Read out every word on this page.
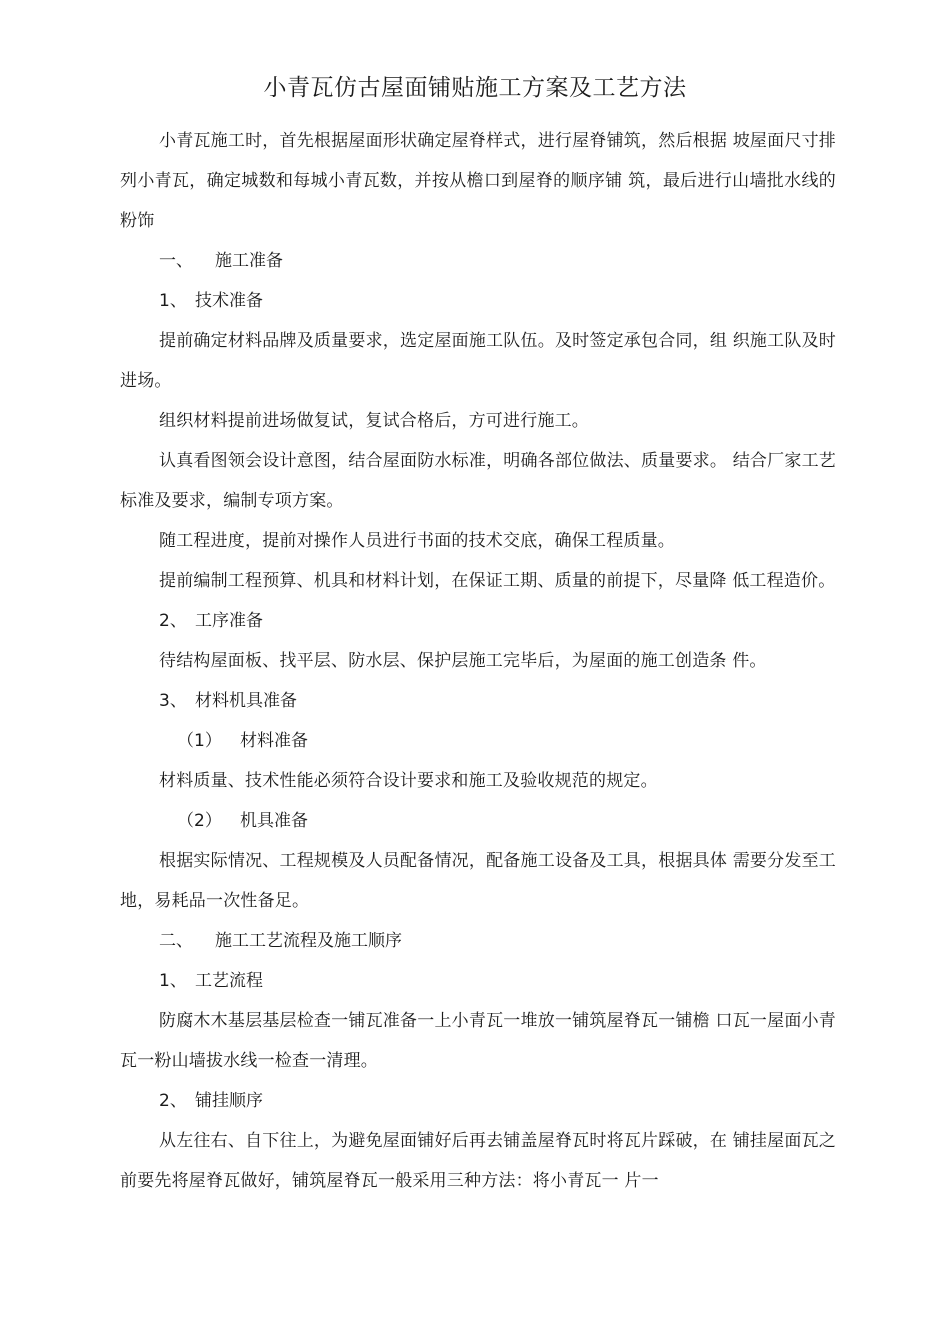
小青瓦仿古屋面铺贴施工方案及工艺方法

小青瓦施工时，首先根据屋面形状确定屋脊样式，进行屋脊铺筑，然后根据 坡屋面尺寸排列小青瓦，确定城数和每城小青瓦数，并按从檐口到屋脊的顺序铺 筑，最后进行山墙批水线的粉饰

一、 施工准备
1、 技术准备

提前确定材料品牌及质量要求，选定屋面施工队伍。及时签定承包合同，组 织施工队及时进场。

组织材料提前进场做复试，复试合格后，方可进行施工。

认真看图领会设计意图，结合屋面防水标准，明确各部位做法、质量要求。 结合厂家工艺标准及要求，编制专项方案。

随工程进度，提前对操作人员进行书面的技术交底，确保工程质量。

提前编制工程预算、机具和材料计划，在保证工期、质量的前提下，尽量降 低工程造价。

2、 工序准备

待结构屋面板、找平层、防水层、保护层施工完毕后，为屋面的施工创造条 件。

3、 材料机具准备
（1） 材料准备

材料质量、技术性能必须符合设计要求和施工及验收规范的规定。

（2） 机具准备

根据实际情况、工程规模及人员配备情况，配备施工设备及工具，根据具体 需要分发至工地，易耗品一次性备足。

二、 施工工艺流程及施工顺序
1、 工艺流程

防腐木木基层基层检查一铺瓦准备一上小青瓦一堆放一铺筑屋脊瓦一铺檐 口瓦一屋面小青瓦一粉山墙拔水线一检查一清理。

2、 铺挂顺序

从左往右、自下往上，为避免屋面铺好后再去铺盖屋脊瓦时将瓦片踩破，在 铺挂屋面瓦之前要先将屋脊瓦做好，铺筑屋脊瓦一般采用三种方法：将小青瓦一 片一
